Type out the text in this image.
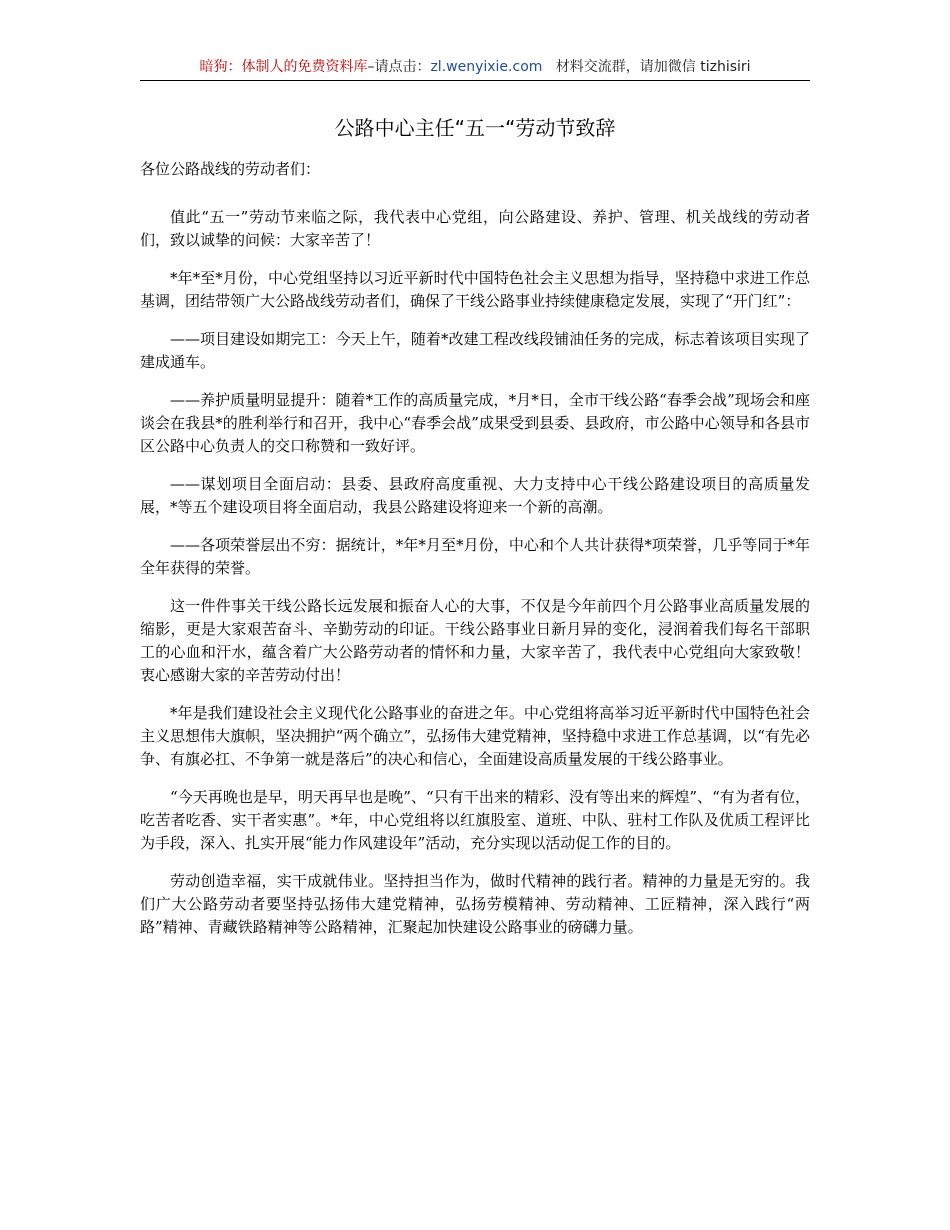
暗狗：体制人的免费资料库–请点击：zl.wenyixie.com 材料交流群，请加微信 tizhisiri
公路中心主任“五一“劳动节致辞

各位公路战线的劳动者们：

值此“五一”劳动节来临之际，我代表中心党组，向公路建设、养护、管理、机关战线的劳动者们，致以诚挚的问候：大家辛苦了！

*年*至*月份，中心党组坚持以习近平新时代中国特色社会主义思想为指导，坚持稳中求进工作总基调，团结带领广大公路战线劳动者们，确保了干线公路事业持续健康稳定发展，实现了“开门红”：

——项目建设如期完工：今天上午，随着*改建工程改线段铺油任务的完成，标志着该项目实现了建成通车。

——养护质量明显提升：随着*工作的高质量完成，*月*日，全市干线公路“春季会战”现场会和座谈会在我县*的胜利举行和召开，我中心“春季会战”成果受到县委、县政府，市公路中心领导和各县市区公路中心负责人的交口称赞和一致好评。

——谋划项目全面启动：县委、县政府高度重视、大力支持中心干线公路建设项目的高质量发展，*等五个建设项目将全面启动，我县公路建设将迎来一个新的高潮。

——各项荣誉层出不穷：据统计，*年*月至*月份，中心和个人共计获得*项荣誉，几乎等同于*年全年获得的荣誉。

这一件件事关干线公路长远发展和振奋人心的大事，不仅是今年前四个月公路事业高质量发展的缩影，更是大家艰苦奋斗、辛勤劳动的印证。干线公路事业日新月异的变化，浸润着我们每名干部职工的心血和汗水，蕴含着广大公路劳动者的情怀和力量，大家辛苦了，我代表中心党组向大家致敬！衷心感谢大家的辛苦劳动付出！

*年是我们建设社会主义现代化公路事业的奋进之年。中心党组将高举习近平新时代中国特色社会主义思想伟大旗帜，坚决拥护“两个确立”，弘扬伟大建党精神，坚持稳中求进工作总基调，以“有先必争、有旗必扛、不争第一就是落后”的决心和信心，全面建设高质量发展的干线公路事业。

“今天再晚也是早，明天再早也是晚”、“只有干出来的精彩、没有等出来的辉煌”、“有为者有位，吃苦者吃香、实干者实惠”。*年，中心党组将以红旗股室、道班、中队、驻村工作队及优质工程评比为手段，深入、扎实开展“能力作风建设年”活动，充分实现以活动促工作的目的。

劳动创造幸福，实干成就伟业。坚持担当作为，做时代精神的践行者。精神的力量是无穷的。我们广大公路劳动者要坚持弘扬伟大建党精神，弘扬劳模精神、劳动精神、工匠精神，深入践行“两路”精神、青藏铁路精神等公路精神，汇聚起加快建设公路事业的磅礴力量。
